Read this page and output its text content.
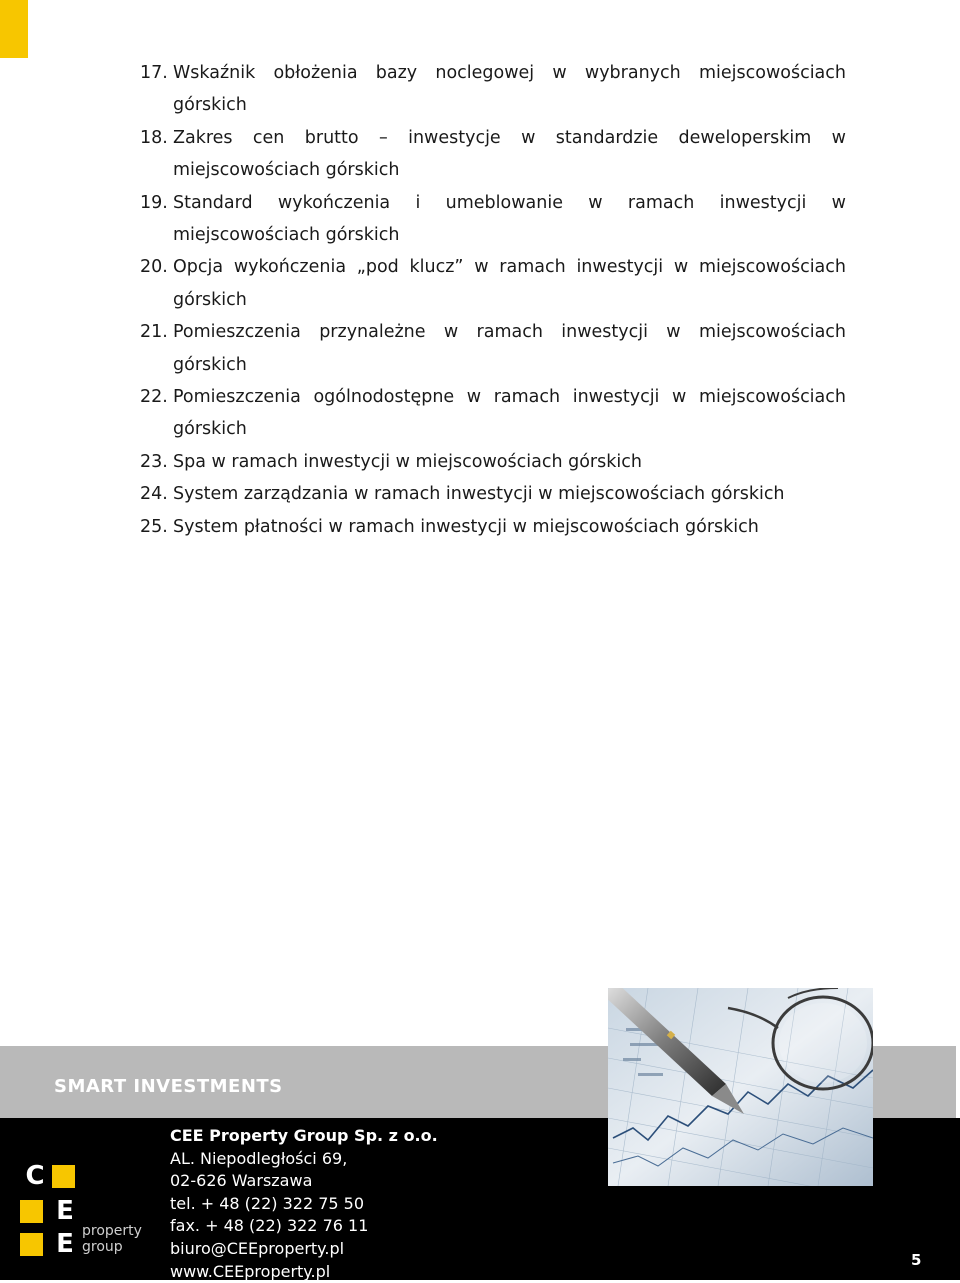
17. Wskaźnik obłożenia bazy noclegowej w wybranych miejscowościach
górskich
18. Zakres cen brutto – inwestycje w standardzie deweloperskim w
miejscowościach górskich
19. Standard wykończenia i umeblowanie w ramach inwestycji w
miejscowościach górskich
20. Opcja wykończenia „pod klucz” w ramach inwestycji w miejscowościach
górskich
21. Pomieszczenia przynależne w ramach inwestycji w miejscowościach
górskich
22. Pomieszczenia ogólnodostępne w ramach inwestycji w miejscowościach
górskich
23. Spa w ramach inwestycji w miejscowościach górskich
24. System zarządzania w ramach inwestycji w miejscowościach górskich
25. System płatności w ramach inwestycji w miejscowościach górskich
SMART INVESTMENTS
C
E
E property
group
CEE Property Group Sp. z o.o.
AL. Niepodległości 69,
02-626 Warszawa
tel. + 48 (22) 322 75 50
fax. + 48 (22) 322 76 11
biuro@CEEproperty.pl
www.CEEproperty.pl
5
